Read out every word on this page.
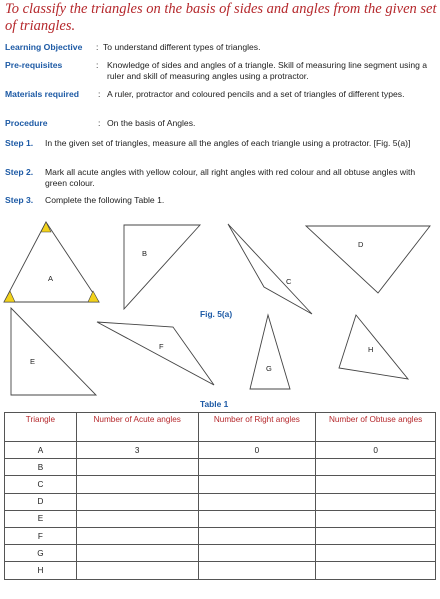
To classify the triangles on the basis of sides and angles from the given set of triangles.
Learning Objective : To understand different types of triangles.
Pre-requisites	: Knowledge of sides and angles of a triangle. Skill of measuring line segment using a ruler and skill of measuring angles using a protractor.
Materials required : A ruler, protractor and coloured pencils and a set of triangles of different types.
Procedure	: On the basis of Angles.
Step 1. In the given set of triangles, measure all the angles of each triangle using a protractor. [Fig. 5(a)]
Step 2. Mark all acute angles with yellow colour, all right angles with red colour and all obtuse angles with green colour.
Step 3. Complete the following Table 1.
A
B
C
D
E
F
G
H
Fig. 5(a)
Table 1
Triangle	Number of Acute angles	Number of Right angles	Number of Obtuse angles
A	3	0	0
B			
C			
D			
E			
F			
G			
H			
